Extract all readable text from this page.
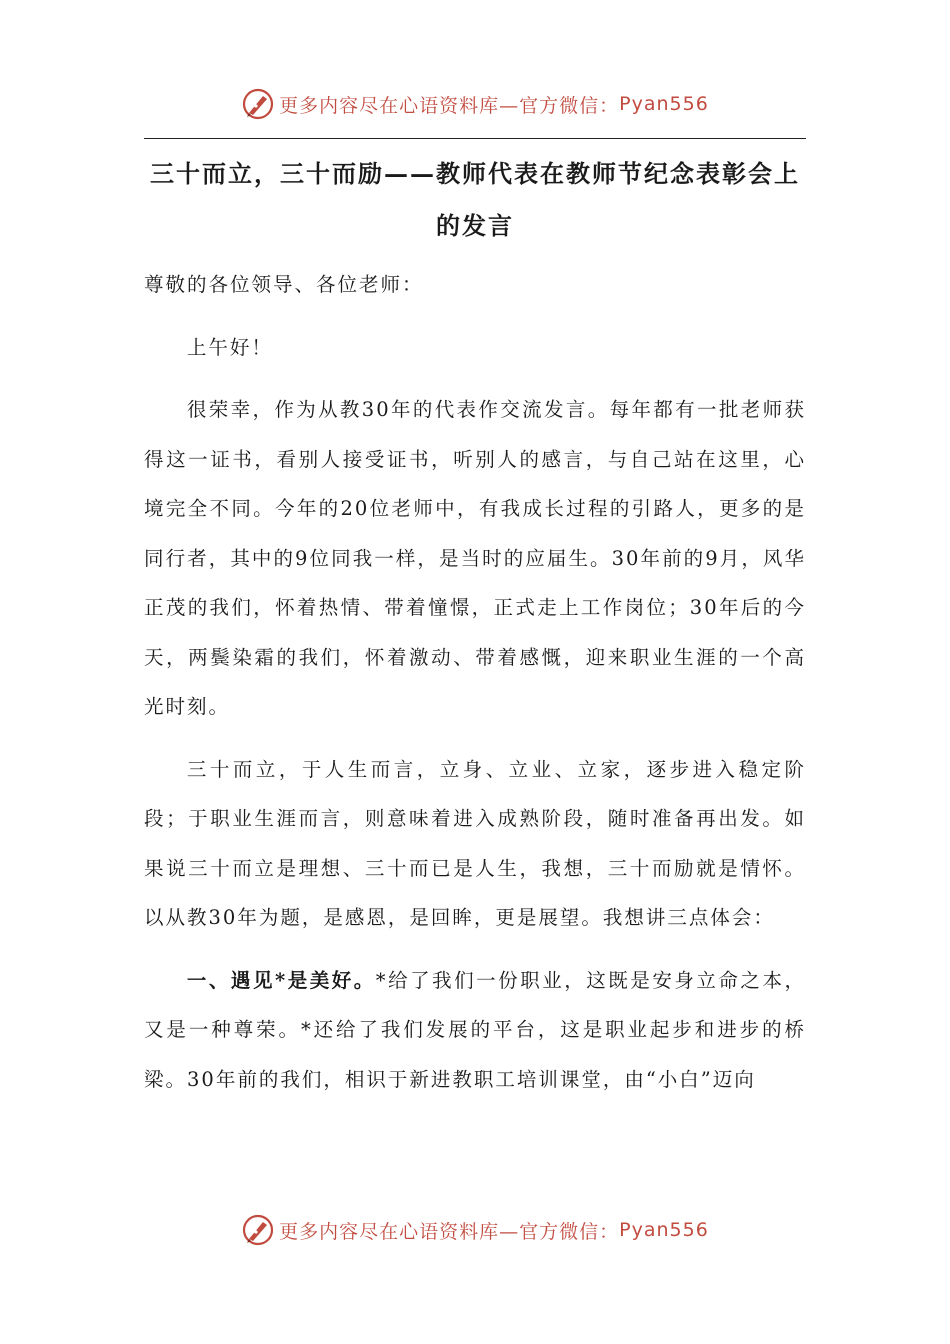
更多内容尽在心语资料库—官方微信： Pyan556
三十而立，三十而励——教师代表在教师节纪念表彰会上的发言

尊敬的各位领导、各位老师：

上午好！

很荣幸，作为从教30年的代表作交流发言。每年都有一批老师获得这一证书，看别人接受证书，听别人的感言，与自己站在这里，心境完全不同。今年的20位老师中，有我成长过程的引路人，更多的是同行者，其中的9位同我一样，是当时的应届生。30年前的9月，风华正茂的我们，怀着热情、带着憧憬，正式走上工作岗位；30年后的今天，两鬓染霜的我们，怀着激动、带着感慨，迎来职业生涯的一个高光时刻。

三十而立，于人生而言，立身、立业、立家，逐步进入稳定阶段；于职业生涯而言，则意味着进入成熟阶段，随时准备再出发。如果说三十而立是理想、三十而已是人生，我想，三十而励就是情怀。以从教30年为题，是感恩，是回眸，更是展望。我想讲三点体会：

一、遇见*是美好。*给了我们一份职业，这既是安身立命之本，又是一种尊荣。*还给了我们发展的平台，这是职业起步和进步的桥梁。30年前的我们，相识于新进教职工培训课堂，由“小白”迈向

更多内容尽在心语资料库—官方微信： Pyan556
